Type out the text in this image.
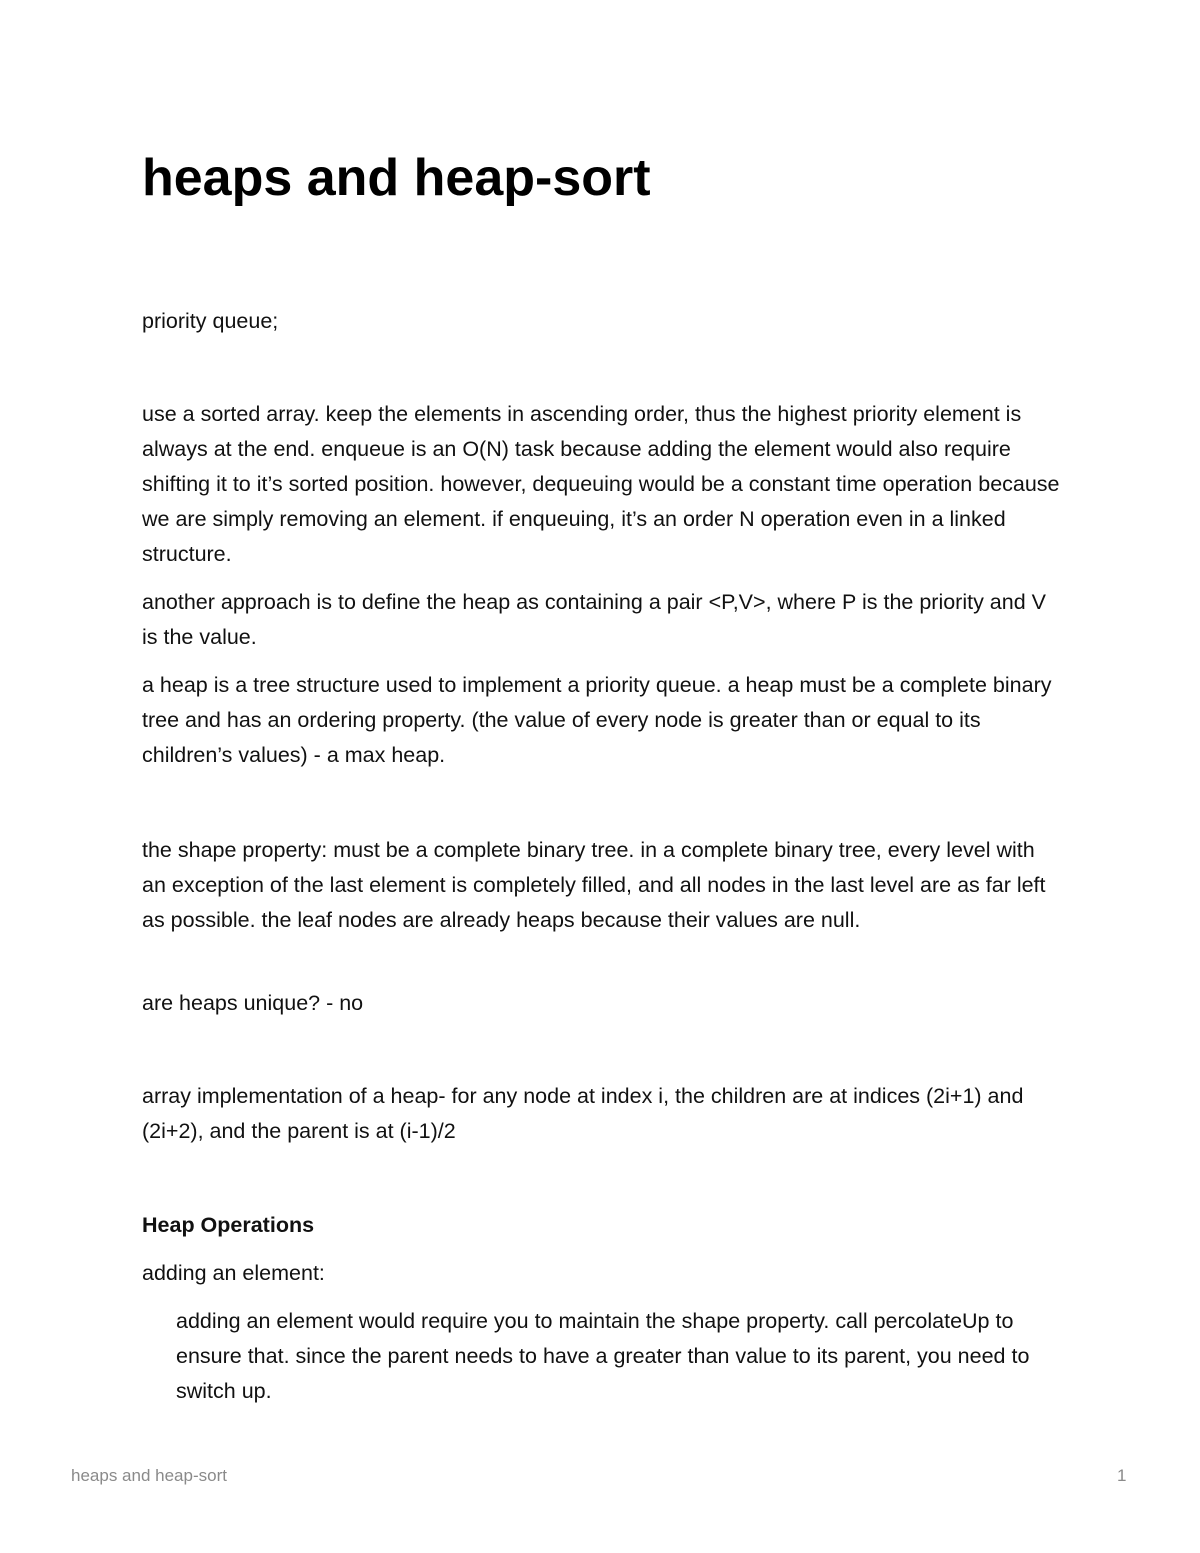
heaps and heap-sort

priority queue;

use a sorted array. keep the elements in ascending order, thus the highest priority element is always at the end. enqueue is an O(N) task because adding the element would also require shifting it to it’s sorted position. however, dequeuing would be a constant time operation because we are simply removing an element. if enqueuing, it’s an order N operation even in a linked structure.

another approach is to define the heap as containing a pair <P,V>, where P is the priority and V is the value.

a heap is a tree structure used to implement a priority queue. a heap must be a complete binary tree and has an ordering property. (the value of every node is greater than or equal to its children’s values) - a max heap.

the shape property: must be a complete binary tree. in a complete binary tree, every level with an exception of the last element is completely filled, and all nodes in the last level are as far left as possible. the leaf nodes are already heaps because their values are null.

are heaps unique? - no

array implementation of a heap- for any node at index i, the children are at indices (2i+1) and (2i+2), and the parent is at (i-1)/2

Heap Operations

adding an element:

adding an element would require you to maintain the shape property. call percolateUp to ensure that. since the parent needs to have a greater than value to its parent, you need to switch up.

heaps and heap-sort	1
